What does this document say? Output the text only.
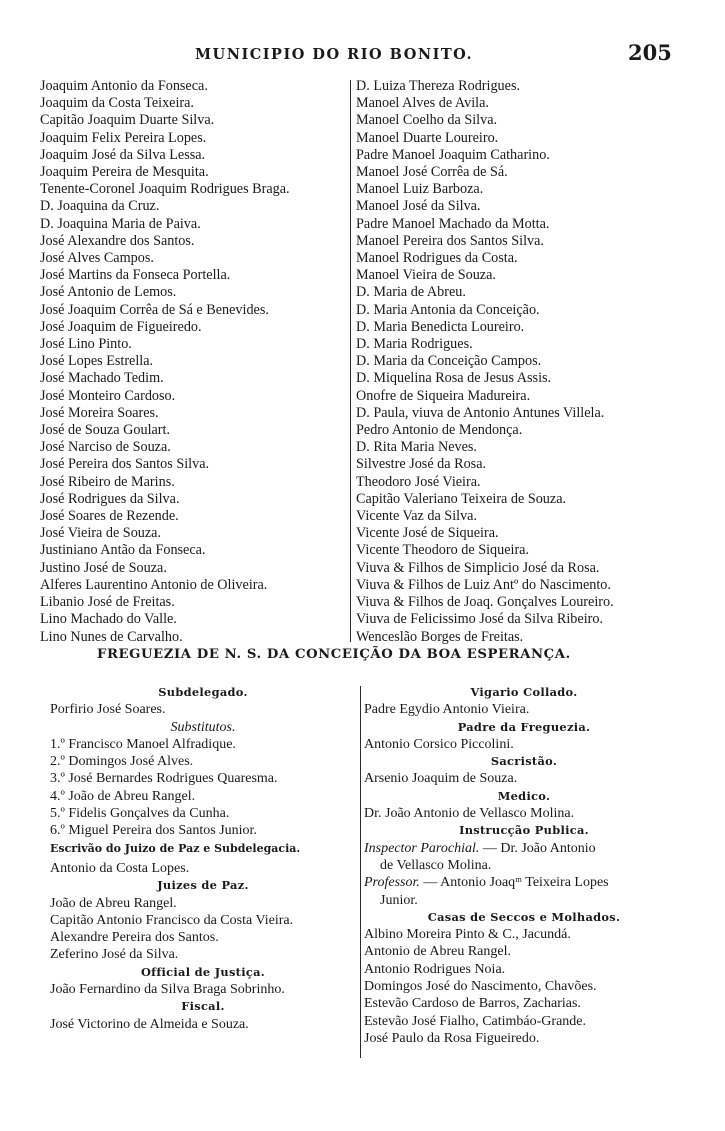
MUNICIPIO DO RIO BONITO.	205
Joaquim Antonio da Fonseca.
Joaquim da Costa Teixeira.
Capitão Joaquim Duarte Silva.
Joaquim Felix Pereira Lopes.
Joaquim José da Silva Lessa.
Joaquim Pereira de Mesquita.
Tenente-Coronel Joaquim Rodrigues Braga.
D. Joaquina da Cruz.
D. Joaquina Maria de Paiva.
José Alexandre dos Santos.
José Alves Campos.
José Martins da Fonseca Portella.
José Antonio de Lemos.
José Joaquim Corrêa de Sá e Benevides.
José Joaquim de Figueiredo.
José Lino Pinto.
José Lopes Estrella.
José Machado Tedim.
José Monteiro Cardoso.
José Moreira Soares.
José de Souza Goulart.
José Narciso de Souza.
José Pereira dos Santos Silva.
José Ribeiro de Marins.
José Rodrigues da Silva.
José Soares de Rezende.
José Vieira de Souza.
Justiniano Antão da Fonseca.
Justino José de Souza.
Alferes Laurentino Antonio de Oliveira.
Libanio José de Freitas.
Lino Machado do Valle.
Lino Nunes de Carvalho.
D. Luiza Thereza Rodrigues.
Manoel Alves de Avila.
Manoel Coelho da Silva.
Manoel Duarte Loureiro.
Padre Manoel Joaquim Catharino.
Manoel José Corrêa de Sá.
Manoel Luiz Barboza.
Manoel José da Silva.
Padre Manoel Machado da Motta.
Manoel Pereira dos Santos Silva.
Manoel Rodrigues da Costa.
Manoel Vieira de Souza.
D. Maria de Abreu.
D. Maria Antonia da Conceição.
D. Maria Benedicta Loureiro.
D. Maria Rodrigues.
D. Maria da Conceição Campos.
D. Miquelina Rosa de Jesus Assis.
Onofre de Siqueira Madureira.
D. Paula, viuva de Antonio Antunes Villela.
Pedro Antonio de Mendonça.
D. Rita Maria Neves.
Silvestre José da Rosa.
Theodoro José Vieira.
Capitão Valeriano Teixeira de Souza.
Vicente Vaz da Silva.
Vicente José de Siqueira.
Vicente Theodoro de Siqueira.
Viuva & Filhos de Simplicio José da Rosa.
Viuva & Filhos de Luiz Antº do Nascimento.
Viuva & Filhos de Joaq. Gonçalves Loureiro.
Viuva de Felicissimo José da Silva Ribeiro.
Wenceslão Borges de Freitas.
FREGUEZIA DE N. S. DA CONCEIÇÃO DA BOA ESPERANÇA.
Subdelegado.
Porfirio José Soares.
Substitutos.
1.º Francisco Manoel Alfradique.
2.º Domingos José Alves.
3.º José Bernardes Rodrigues Quaresma.
4.º João de Abreu Rangel.
5.º Fidelis Gonçalves da Cunha.
6.º Miguel Pereira dos Santos Junior.
Escrivão do Juizo de Paz e Subdelegacia.
Antonio da Costa Lopes.
Juizes de Paz.
João de Abreu Rangel.
Capitão Antonio Francisco da Costa Vieira.
Alexandre Pereira dos Santos.
Zeferino José da Silva.
Official de Justiça.
João Fernardino da Silva Braga Sobrinho.
Fiscal.
José Victorino de Almeida e Souza.
Vigario Collado.
Padre Egydio Antonio Vieira.
Padre da Freguezia.
Antonio Corsico Piccolini.
Sacristão.
Arsenio Joaquim de Souza.
Medico.
Dr. João Antonio de Vellasco Molina.
Instrucção Publica.
Inspector Parochial. — Dr. João Antonio
de Vellasco Molina.
Professor. — Antonio Joaqᵐ Teixeira Lopes
Junior.
Casas de Seccos e Molhados.
Albino Moreira Pinto & C., Jacundá.
Antonio de Abreu Rangel.
Antonio Rodrigues Noia.
Domingos José do Nascimento, Chavões.
Estevão Cardoso de Barros, Zacharias.
Estevão José Fialho, Catimbáo-Grande.
José Paulo da Rosa Figueiredo.
